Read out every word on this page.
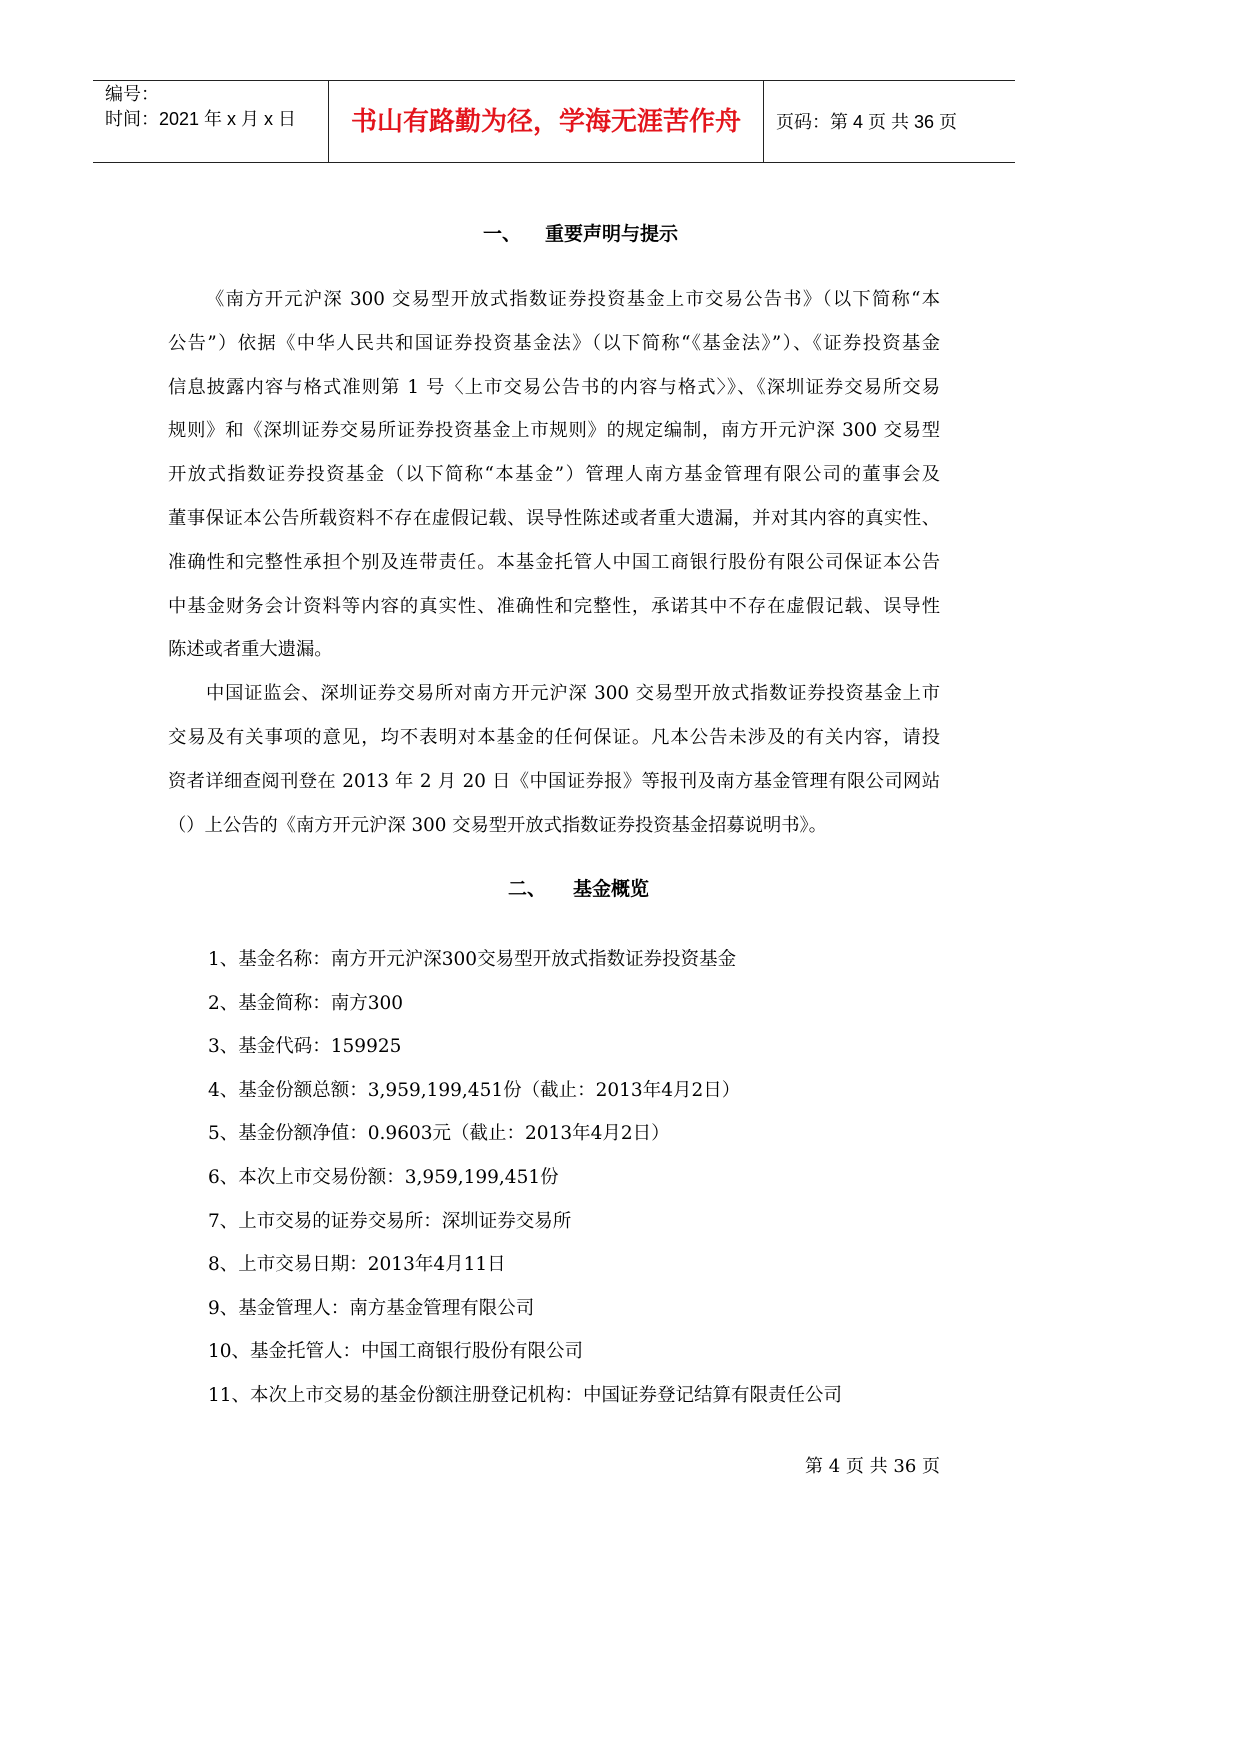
编号：
时间：2021 年 x 月 x 日	书山有路勤为径，学海无涯苦作舟	页码：第 4 页 共 36 页
一、 重要声明与提示
《南方开元沪深 300 交易型开放式指数证券投资基金上市交易公告书》（以下简称“本
公告”）依据《中华人民共和国证券投资基金法》（以下简称“《基金法》”）、《证券投资基金
信息披露内容与格式准则第 1 号〈上市交易公告书的内容与格式〉》、《深圳证券交易所交易
规则》和《深圳证券交易所证券投资基金上市规则》的规定编制，南方开元沪深 300 交易型
开放式指数证券投资基金（以下简称“本基金”）管理人南方基金管理有限公司的董事会及
董事保证本公告所载资料不存在虚假记载、误导性陈述或者重大遗漏，并对其内容的真实性、
准确性和完整性承担个别及连带责任。本基金托管人中国工商银行股份有限公司保证本公告
中基金财务会计资料等内容的真实性、准确性和完整性，承诺其中不存在虚假记载、误导性
陈述或者重大遗漏。
中国证监会、深圳证券交易所对南方开元沪深 300 交易型开放式指数证券投资基金上市
交易及有关事项的意见，均不表明对本基金的任何保证。凡本公告未涉及的有关内容，请投
资者详细查阅刊登在 2013 年 2 月 20 日《中国证券报》等报刊及南方基金管理有限公司网站
（）上公告的《南方开元沪深 300 交易型开放式指数证券投资基金招募说明书》。
二、 基金概览
1、基金名称：南方开元沪深300交易型开放式指数证券投资基金
2、基金简称：南方300
3、基金代码：159925
4、基金份额总额：3,959,199,451份（截止：2013年4月2日）
5、基金份额净值：0.9603元（截止：2013年4月2日）
6、本次上市交易份额：3,959,199,451份
7、上市交易的证券交易所：深圳证券交易所
8、上市交易日期：2013年4月11日
9、基金管理人：南方基金管理有限公司
10、基金托管人：中国工商银行股份有限公司
11、本次上市交易的基金份额注册登记机构：中国证券登记结算有限责任公司
第 4 页 共 36 页
